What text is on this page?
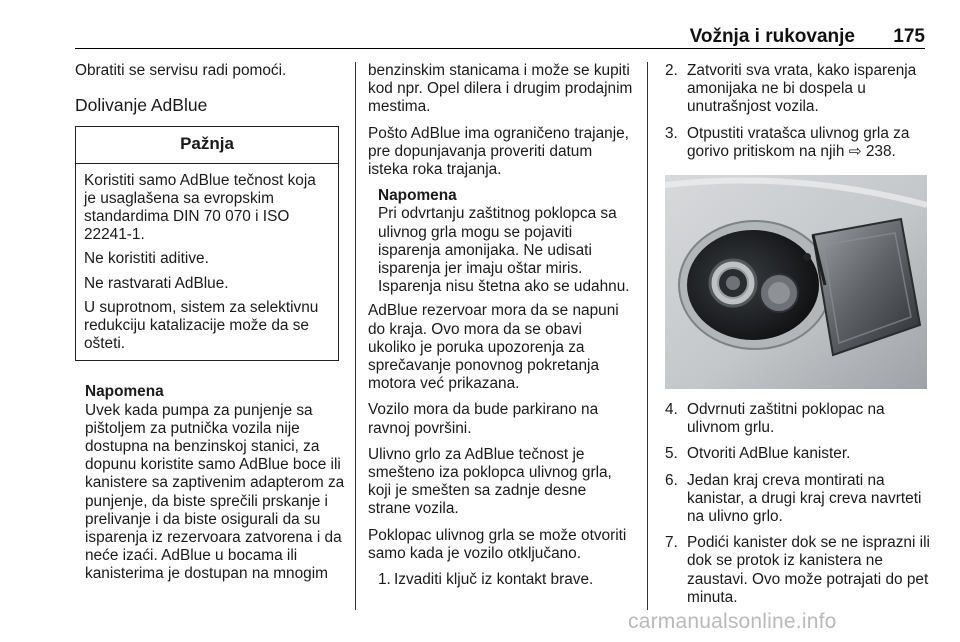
Vožnja i rukovanje 175

Obratiti se servisu radi pomoći.

Dolivanje AdBlue

Pažnja

Koristiti samo AdBlue tečnost koja je usaglašena sa evropskim standardima DIN 70 070 i ISO 22241-1.

Ne koristiti aditive.

Ne rastvarati AdBlue.

U suprotnom, sistem za selektivnu redukciju katalizacije može da se ošteti.

Napomena

Uvek kada pumpa za punjenje sa pištoljem za putnička vozila nije dostupna na benzinskoj stanici, za dopunu koristite samo AdBlue boce ili kanistere sa zaptivenim adapterom za punjenje, da biste sprečili prskanje i prelivanje i da biste osigurali da su isparenja iz rezervoara zatvorena i da neće izaći. AdBlue u bocama ili kanisterima je dostupan na mnogim

benzinskim stanicama i može se kupiti kod npr. Opel dilera i drugim prodajnim mestima.

Pošto AdBlue ima ograničeno trajanje, pre dopunjavanja proveriti datum isteka roka trajanja.

Napomena

Pri odvrtanju zaštitnog poklopca sa ulivnog grla mogu se pojaviti isparenja amonijaka. Ne udisati isparenja jer imaju oštar miris. Isparenja nisu štetna ako se udahnu.

AdBlue rezervoar mora da se napuni do kraja. Ovo mora da se obavi ukoliko je poruka upozorenja za sprečavanje ponovnog pokretanja motora već prikazana.

Vozilo mora da bude parkirano na ravnoj površini.

Ulivno grlo za AdBlue tečnost je smešteno iza poklopca ulivnog grla, koji je smešten sa zadnje desne strane vozila.

Poklopac ulivnog grla se može otvoriti samo kada je vozilo otključano.

1. Izvaditi ključ iz kontakt brave.

2. Zatvoriti sva vrata, kako isparenja amonijaka ne bi dospela u unutrašnjost vozila.

3. Otpustiti vratašca ulivnog grla za gorivo pritiskom na njih ⇨ 238.

4. Odvrnuti zaštitni poklopac na ulivnom grlu.

5. Otvoriti AdBlue kanister.

6. Jedan kraj creva montirati na kanistar, a drugi kraj creva navrteti na ulivno grlo.

7. Podići kanister dok se ne isprazni ili dok se protok iz kanistera ne zaustavi. Ovo može potrajati do pet minuta.

carmanualsonline.info
